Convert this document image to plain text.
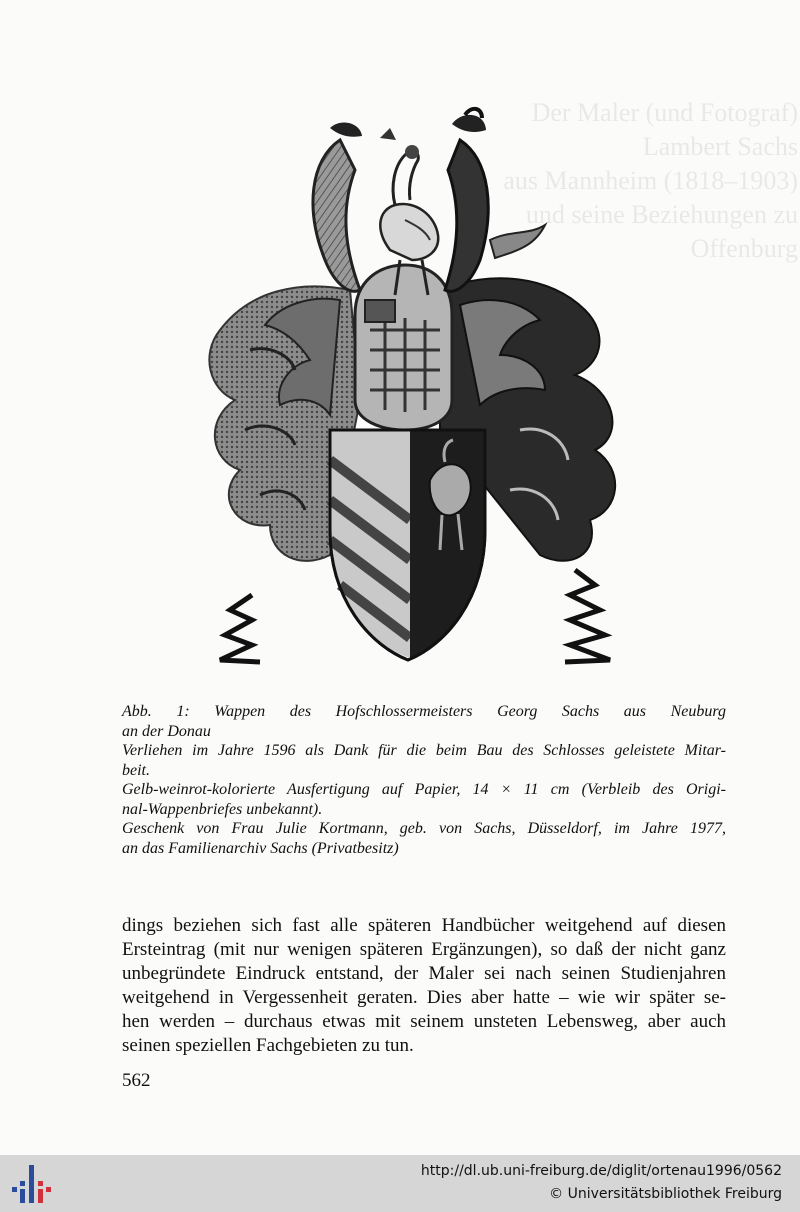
Der Maler (und Fotograf) Lambert Sachs
aus Mannheim (1818–1903)
und seine Beziehungen zu Offenburg
Abb. 1: Wappen des Hofschlossermeisters Georg Sachs aus Neuburg
an der Donau
Verliehen im Jahre 1596 als Dank für die beim Bau des Schlosses geleistete Mitar-
beit.
Gelb-weinrot-kolorierte Ausfertigung auf Papier, 14 × 11 cm (Verbleib des Origi-
nal-Wappenbriefes unbekannt).
Geschenk von Frau Julie Kortmann, geb. von Sachs, Düsseldorf, im Jahre 1977,
an das Familienarchiv Sachs (Privatbesitz)
dings beziehen sich fast alle späteren Handbücher weitgehend auf diesen
Ersteintrag (mit nur wenigen späteren Ergänzungen), so daß der nicht ganz
unbegründete Eindruck entstand, der Maler sei nach seinen Studienjahren
weitgehend in Vergessenheit geraten. Dies aber hatte – wie wir später se-
hen werden – durchaus etwas mit seinem unsteten Lebensweg, aber auch
seinen speziellen Fachgebieten zu tun.
562
http://dl.ub.uni-freiburg.de/diglit/ortenau1996/0562
© Universitätsbibliothek Freiburg
